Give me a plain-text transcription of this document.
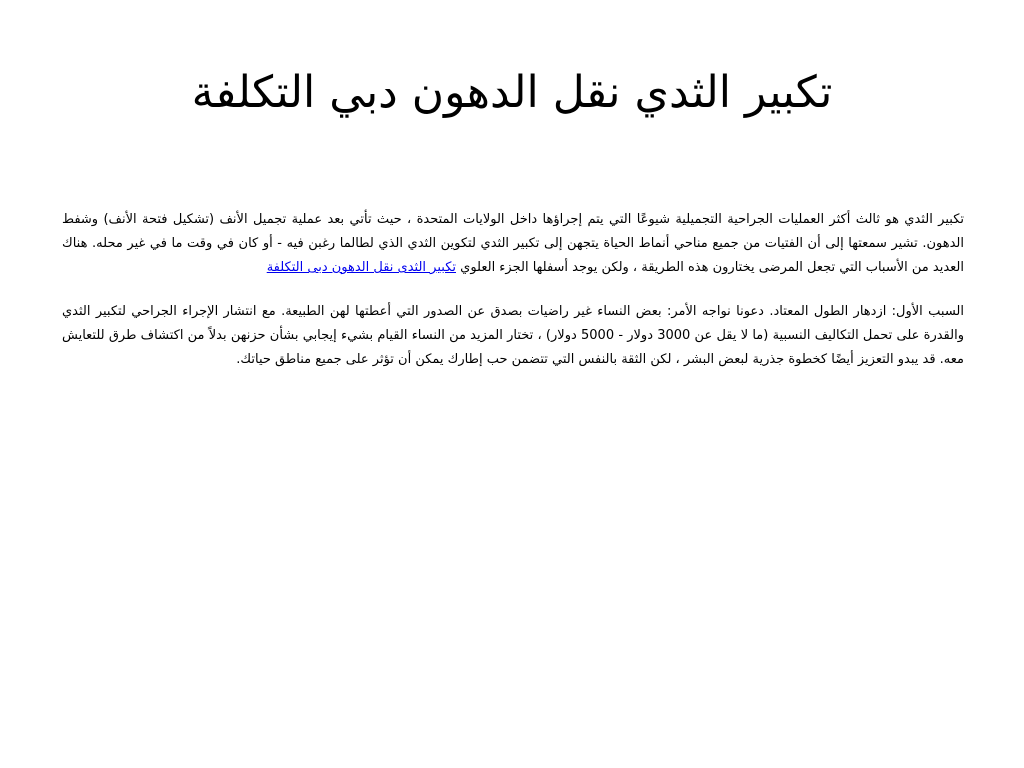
تكبير الثدي نقل الدهون دبي التكلفة

تكبير الثدي هو ثالث أكثر العمليات الجراحية التجميلية شيوعًا التي يتم إجراؤها داخل الولايات المتحدة ، حيث تأتي بعد عملية تجميل الأنف (تشكيل فتحة الأنف) وشفط الدهون. تشير سمعتها إلى أن الفتيات من جميع مناحي أنماط الحياة يتجهن إلى تكبير الثدي لتكوين الثدي الذي لطالما رغبن فيه - أو كان في وقت ما في غير محله. هناك العديد من الأسباب التي تجعل المرضى يختارون هذه الطريقة ، ولكن يوجد أسفلها الجزء العلوي تكبير الثدى نقل الدهون دبى التكلفة

السبب الأول: ازدهار الطول المعتاد. دعونا نواجه الأمر: بعض النساء غير راضيات بصدق عن الصدور التي أعطتها لهن الطبيعة. مع انتشار الإجراء الجراحي لتكبير الثدي والقدرة على تحمل التكاليف النسبية (ما لا يقل عن 3000 دولار - 5000 دولار) ، تختار المزيد من النساء القيام بشيء إيجابي بشأن حزنهن بدلاً من اكتشاف طرق للتعايش معه. قد يبدو التعزيز أيضًا كخطوة جذرية لبعض البشر ، لكن الثقة بالنفس التي تتضمن حب إطارك يمكن أن تؤثر على جميع مناطق حياتك.
